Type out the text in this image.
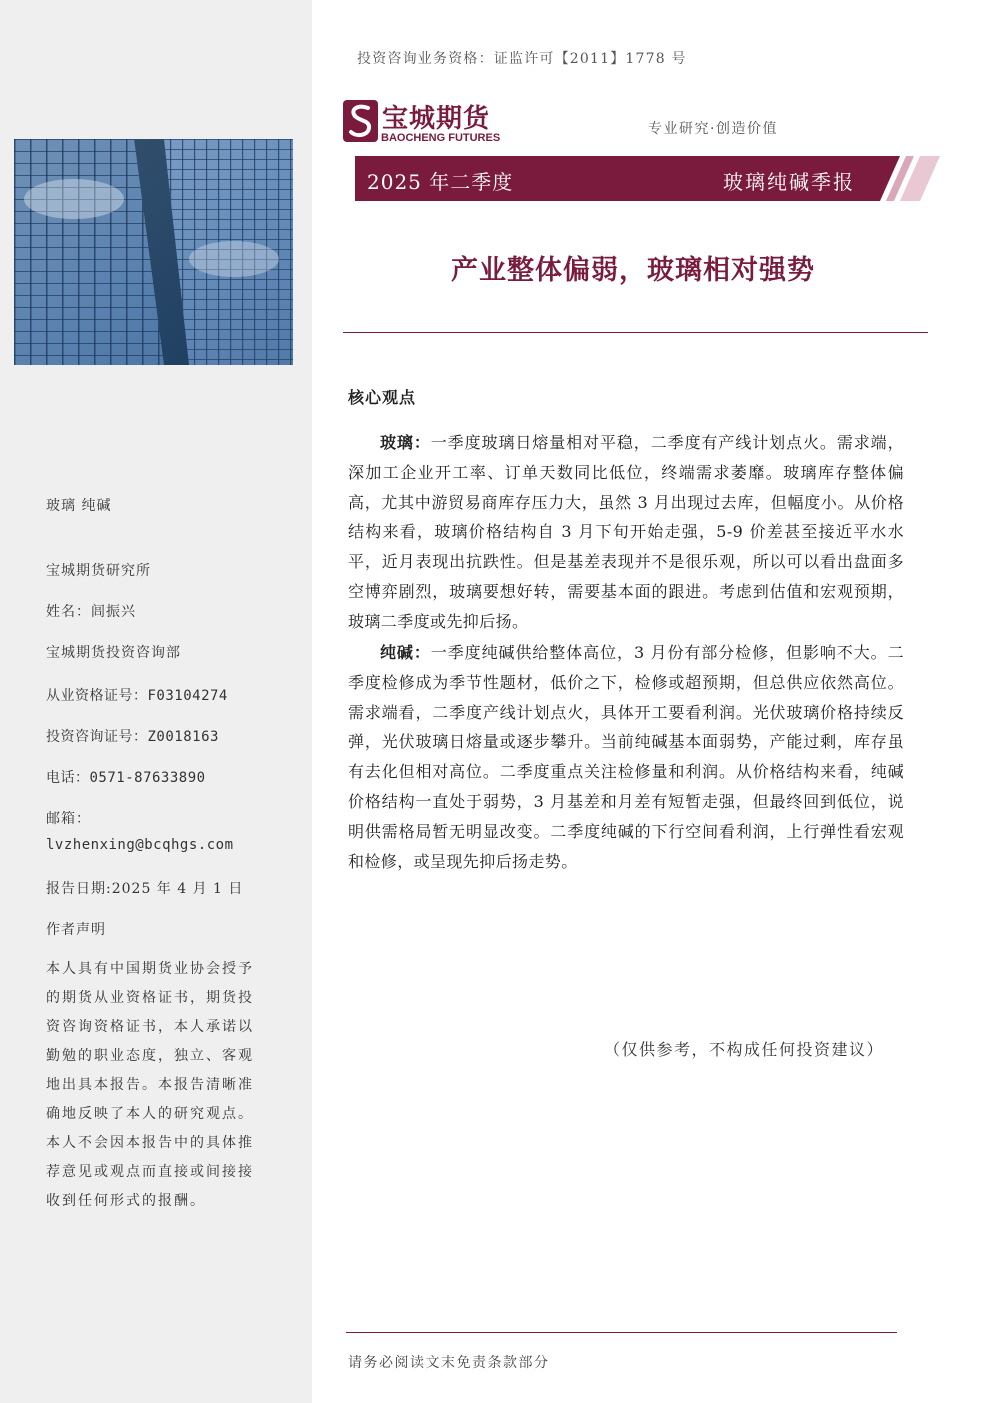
玻璃 纯碱
宝城期货研究所
姓名：闾振兴
宝城期货投资咨询部
从业资格证号：F03104274
投资咨询证号：Z0018163
电话：0571-87633890
邮箱：
lvzhenxing@bcqhgs.com
报告日期:2025 年 4 月 1 日
作者声明
本人具有中国期货业协会授予的期货从业资格证书，期货投资咨询资格证书，本人承诺以勤勉的职业态度，独立、客观地出具本报告。本报告清晰准确地反映了本人的研究观点。本人不会因本报告中的具体推荐意见或观点而直接或间接接收到任何形式的报酬。
投资咨询业务资格：证监许可【2011】1778 号
宝城期货
BAOCHENG FUTURES
专业研究·创造价值
2025 年二季度	玻璃纯碱季报
产业整体偏弱，玻璃相对强势
核心观点
玻璃：一季度玻璃日熔量相对平稳，二季度有产线计划点火。需求端，深加工企业开工率、订单天数同比低位，终端需求萎靡。玻璃库存整体偏高，尤其中游贸易商库存压力大，虽然 3 月出现过去库，但幅度小。从价格结构来看，玻璃价格结构自 3 月下旬开始走强，5-9 价差甚至接近平水水平，近月表现出抗跌性。但是基差表现并不是很乐观，所以可以看出盘面多空博弈剧烈，玻璃要想好转，需要基本面的跟进。考虑到估值和宏观预期，玻璃二季度或先抑后扬。
纯碱：一季度纯碱供给整体高位，3 月份有部分检修，但影响不大。二季度检修成为季节性题材，低价之下，检修或超预期，但总供应依然高位。需求端看，二季度产线计划点火，具体开工要看利润。光伏玻璃价格持续反弹，光伏玻璃日熔量或逐步攀升。当前纯碱基本面弱势，产能过剩，库存虽有去化但相对高位。二季度重点关注检修量和利润。从价格结构来看，纯碱价格结构一直处于弱势，3 月基差和月差有短暂走强，但最终回到低位，说明供需格局暂无明显改变。二季度纯碱的下行空间看利润，上行弹性看宏观和检修，或呈现先抑后扬走势。
（仅供参考，不构成任何投资建议）
请务必阅读文末免责条款部分
